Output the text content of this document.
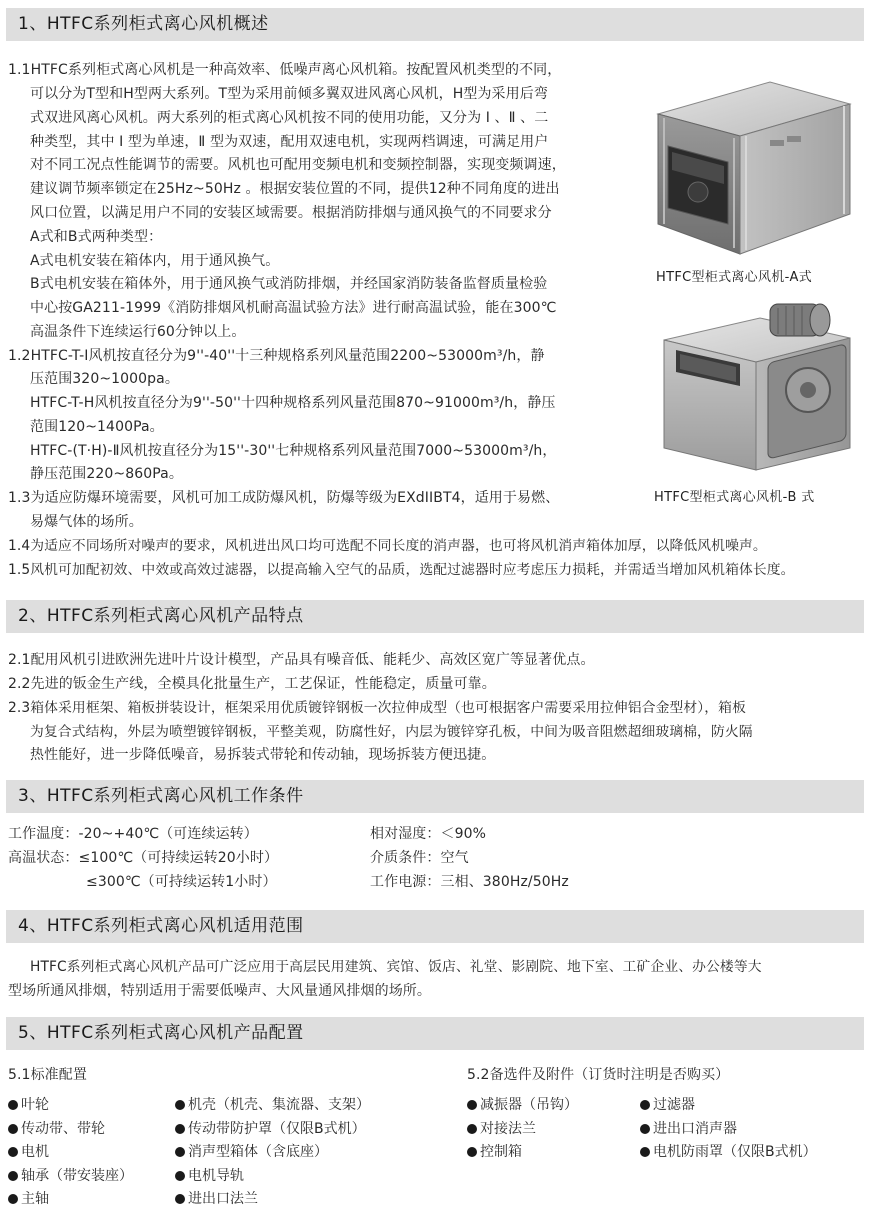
1、HTFC系列柜式离心风机概述
1.1HTFC系列柜式离心风机是一种高效率、低噪声离心风机箱。按配置风机类型的不同，
可以分为T型和H型两大系列。T型为采用前倾多翼双进风离心风机，H型为采用后弯
式双进风离心风机。两大系列的柜式离心风机按不同的使用功能，又分为 Ⅰ 、Ⅱ 、二
种类型，其中 Ⅰ 型为单速，Ⅱ 型为双速，配用双速电机，实现两档调速，可满足用户
对不同工况点性能调节的需要。风机也可配用变频电机和变频控制器，实现变频调速，
建议调节频率锁定在25Hz~50Hz 。根据安装位置的不同，提供12种不同角度的进出
风口位置，以满足用户不同的安装区域需要。根据消防排烟与通风换气的不同要求分
A式和B式两种类型：
A式电机安装在箱体内，用于通风换气。
B式电机安装在箱体外，用于通风换气或消防排烟，并经国家消防装备监督质量检验
中心按GA211-1999《消防排烟风机耐高温试验方法》进行耐高温试验，能在300℃
高温条件下连续运行60分钟以上。
1.2HTFC-T-Ⅰ风机按直径分为9''-40''十三种规格系列风量范围2200~53000m³/h，静
压范围320~1000pa。
HTFC-T-H风机按直径分为9''-50''十四种规格系列风量范围870~91000m³/h，静压
范围120~1400Pa。
HTFC-(T·H)-Ⅱ风机按直径分为15''-30''七种规格系列风量范围7000~53000m³/h，
静压范围220~860Pa。
1.3为适应防爆环境需要，风机可加工成防爆风机，防爆等级为EXdIIBT4，适用于易燃、
易爆气体的场所。
1.4为适应不同场所对噪声的要求，风机进出风口均可选配不同长度的消声器，也可将风机消声箱体加厚，以降低风机噪声。
1.5风机可加配初效、中效或高效过滤器，以提高输入空气的品质，选配过滤器时应考虑压力损耗，并需适当增加风机箱体长度。
HTFC型柜式离心风机-A式
HTFC型柜式离心风机-B 式
2、HTFC系列柜式离心风机产品特点
2.1配用风机引进欧洲先进叶片设计模型，产品具有噪音低、能耗少、高效区宽广等显著优点。
2.2先进的钣金生产线，全模具化批量生产，工艺保证，性能稳定，质量可靠。
2.3箱体采用框架、箱板拼装设计，框架采用优质镀锌钢板一次拉伸成型（也可根据客户需要采用拉伸铝合金型材），箱板
为复合式结构，外层为喷塑镀锌钢板，平整美观，防腐性好，内层为镀锌穿孔板，中间为吸音阻燃超细玻璃棉，防火隔
热性能好，进一步降低噪音，易拆装式带轮和传动轴，现场拆装方便迅捷。
3、HTFC系列柜式离心风机工作条件
工作温度：-20~+40℃（可连续运转）
高温状态：≤100℃（可持续运转20小时）
≤300℃（可持续运转1小时）
相对湿度：＜90%
介质条件：空气
工作电源：三相、380Hz/50Hz
4、HTFC系列柜式离心风机适用范围
HTFC系列柜式离心风机产品可广泛应用于高层民用建筑、宾馆、饭店、礼堂、影剧院、地下室、工矿企业、办公楼等大
型场所通风排烟，特别适用于需要低噪声、大风量通风排烟的场所。
5、HTFC系列柜式离心风机产品配置
5.1标准配置	5.2备选件及附件（订货时注明是否购买）
叶轮
传动带、带轮
电机
轴承（带安装座）
主轴
机壳（机壳、集流器、支架）
传动带防护罩（仅限B式机）
消声型箱体（含底座）
电机导轨
进出口法兰
减振器（吊钩）
对接法兰
控制箱
过滤器
进出口消声器
电机防雨罩（仅限B式机）
